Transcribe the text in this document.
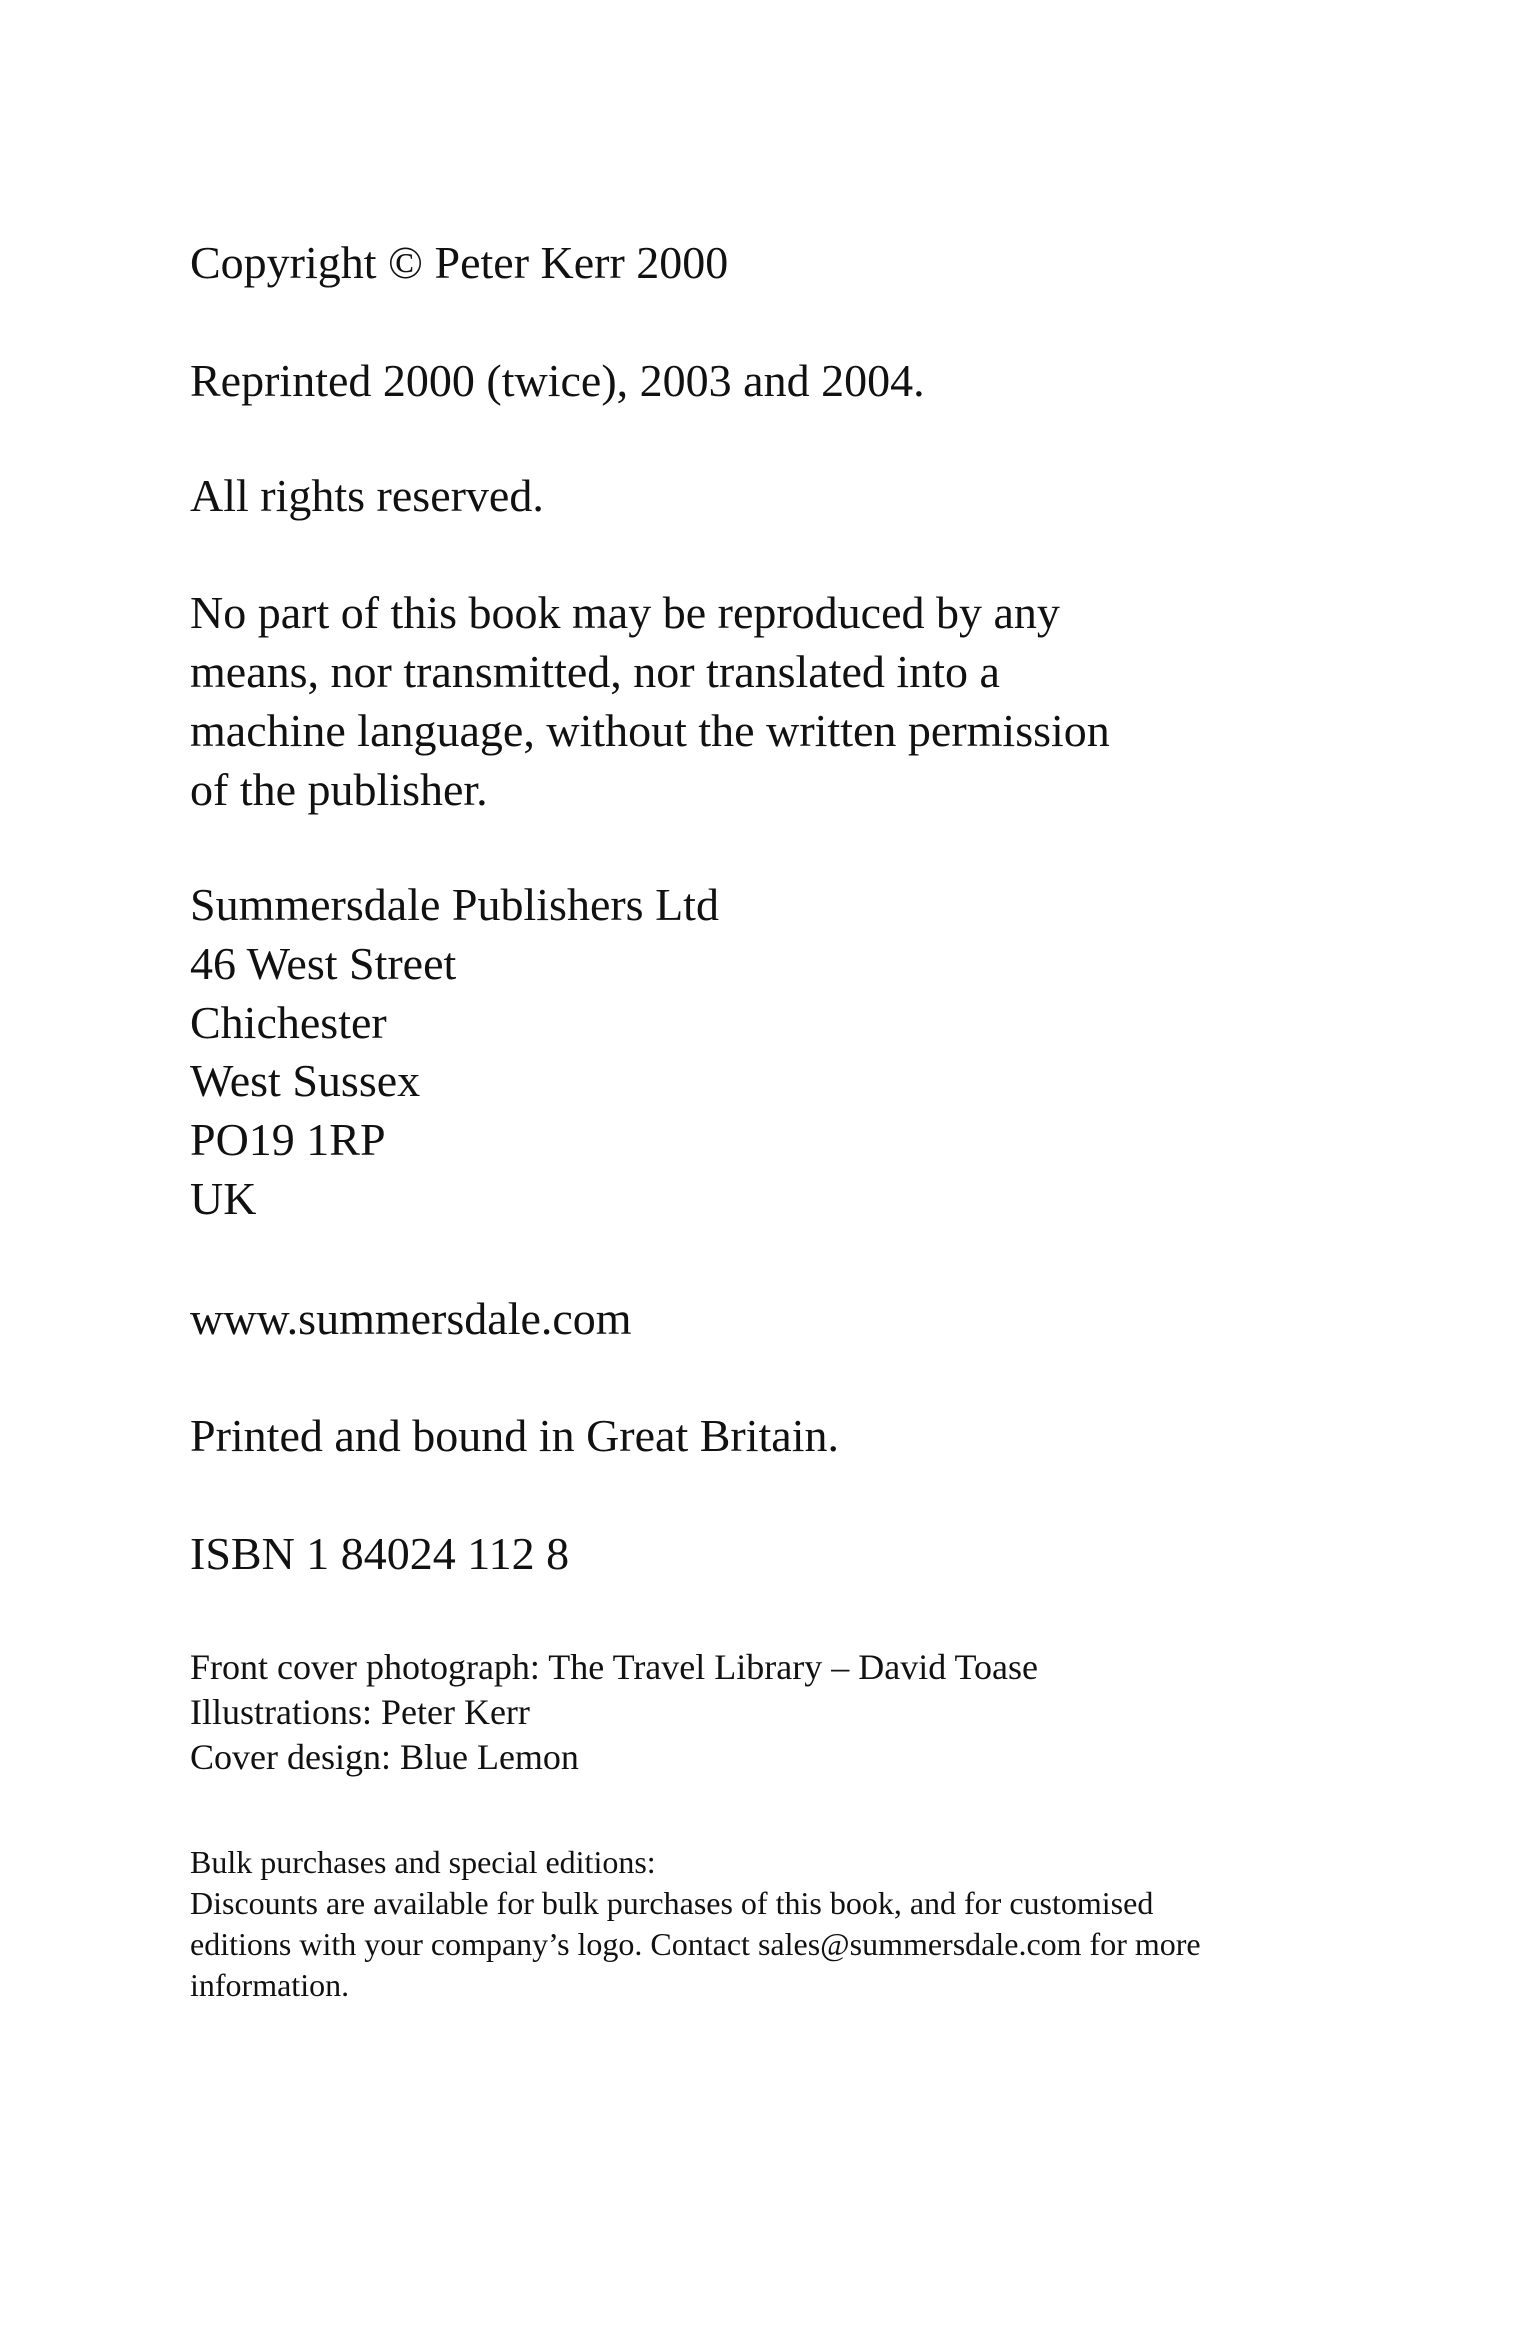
Copyright © Peter Kerr 2000
Reprinted 2000 (twice), 2003 and 2004.
All rights reserved.
No part of this book may be reproduced by any
means, nor transmitted, nor translated into a
machine language, without the written permission
of the publisher.
Summersdale Publishers Ltd
46 West Street
Chichester
West Sussex
PO19 1RP
UK
www.summersdale.com
Printed and bound in Great Britain.
ISBN 1 84024 112 8
Front cover photograph: The Travel Library – David Toase
Illustrations: Peter Kerr
Cover design: Blue Lemon
Bulk purchases and special editions:
Discounts are available for bulk purchases of this book, and for customised
editions with your company’s logo. Contact sales@summersdale.com for more
information.
